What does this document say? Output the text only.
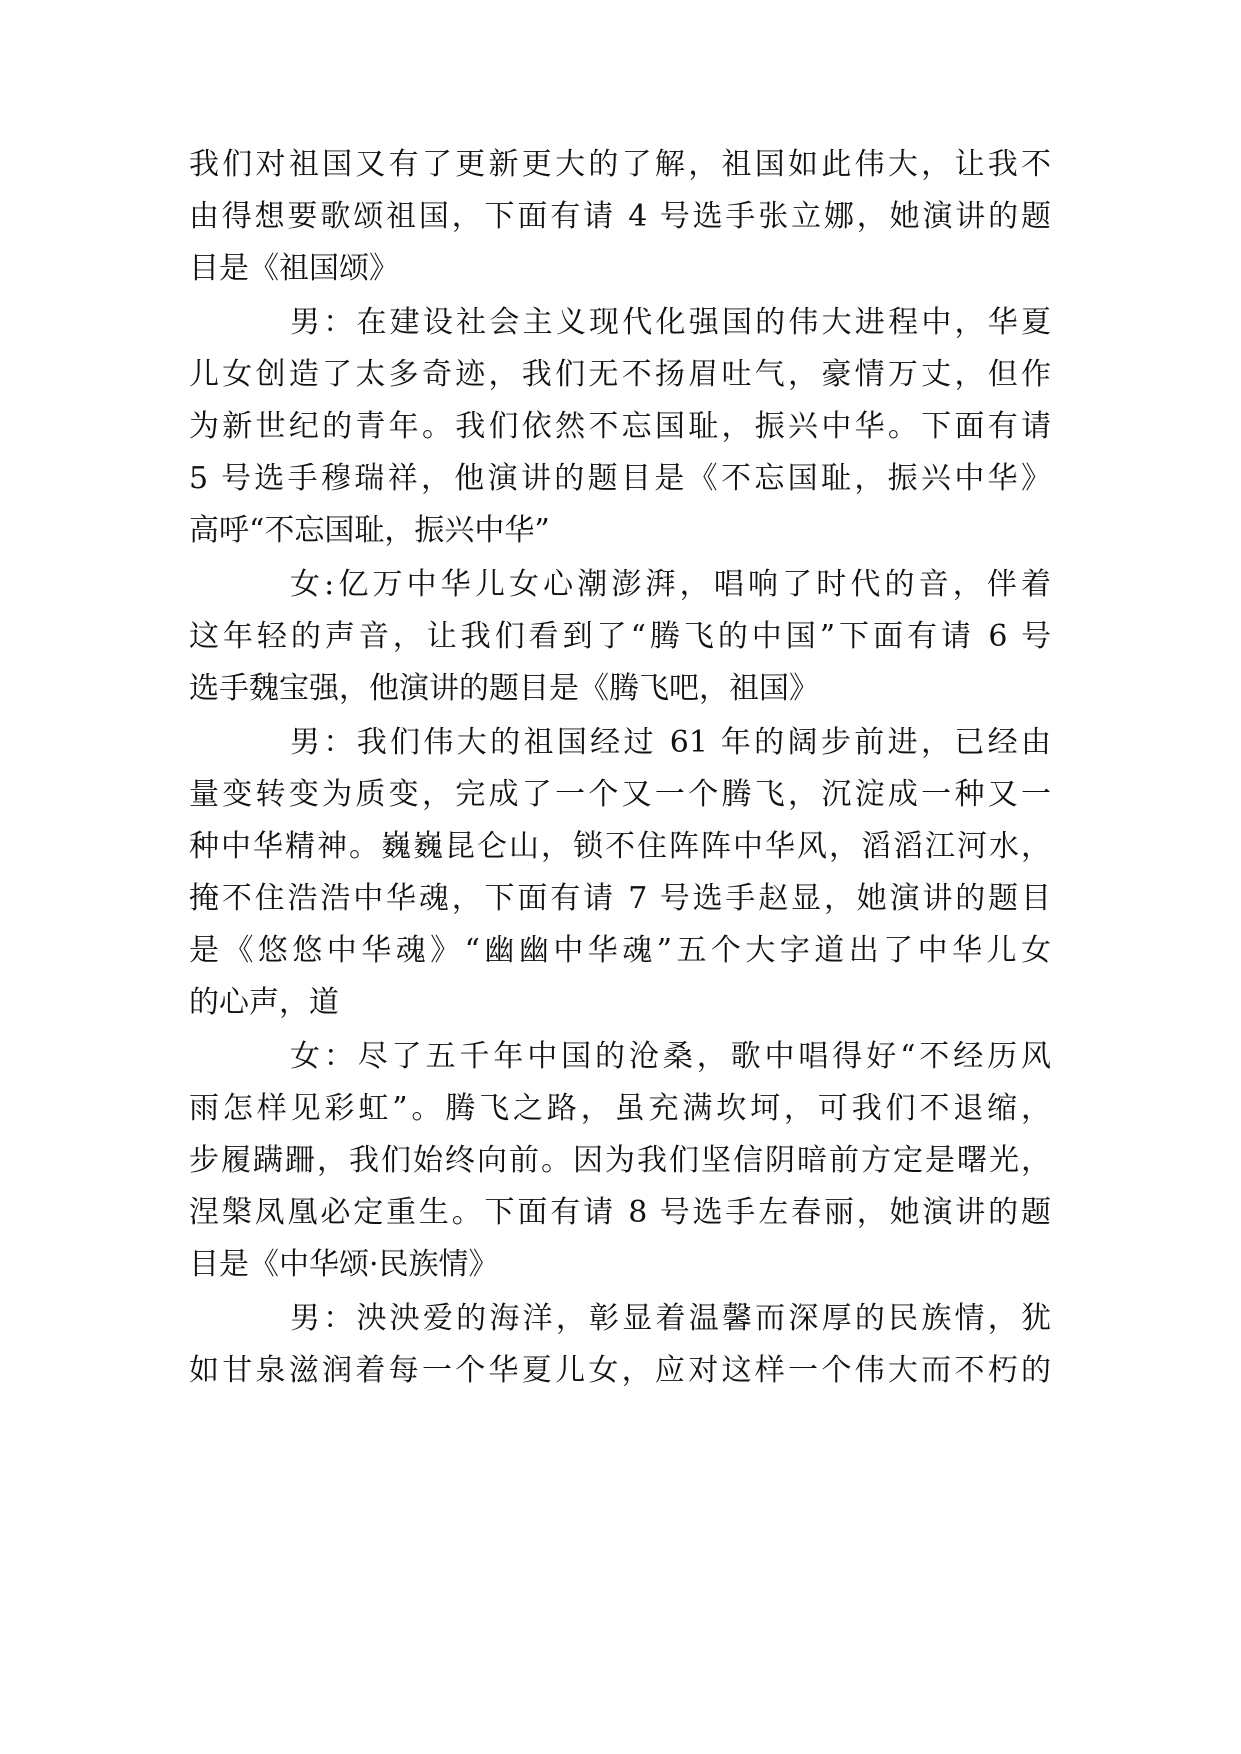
我们对祖国又有了更新更大的了解，祖国如此伟大，让我不
由得想要歌颂祖国，下面有请 4 号选手张立娜，她演讲的题
目是《祖国颂》
男：在建设社会主义现代化强国的伟大进程中，华夏
儿女创造了太多奇迹，我们无不扬眉吐气，豪情万丈，但作
为新世纪的青年。我们依然不忘国耻，振兴中华。下面有请
5 号选手穆瑞祥，他演讲的题目是《不忘国耻，振兴中华》
高呼“不忘国耻，振兴中华”
女:亿万中华儿女心潮澎湃，唱响了时代的音，伴着
这年轻的声音，让我们看到了“腾飞的中国”下面有请 6 号
选手魏宝强，他演讲的题目是《腾飞吧，祖国》
男：我们伟大的祖国经过 61 年的阔步前进，已经由
量变转变为质变，完成了一个又一个腾飞，沉淀成一种又一
种中华精神。巍巍昆仑山，锁不住阵阵中华风，滔滔江河水，
掩不住浩浩中华魂，下面有请 7 号选手赵显，她演讲的题目
是《悠悠中华魂》“幽幽中华魂”五个大字道出了中华儿女
的心声，道
女：尽了五千年中国的沧桑，歌中唱得好“不经历风
雨怎样见彩虹”。腾飞之路，虽充满坎坷，可我们不退缩，
步履蹒跚，我们始终向前。因为我们坚信阴暗前方定是曙光，
涅槃凤凰必定重生。下面有请 8 号选手左春丽，她演讲的题
目是《中华颂·民族情》
男：泱泱爱的海洋，彰显着温馨而深厚的民族情，犹
如甘泉滋润着每一个华夏儿女，应对这样一个伟大而不朽的
